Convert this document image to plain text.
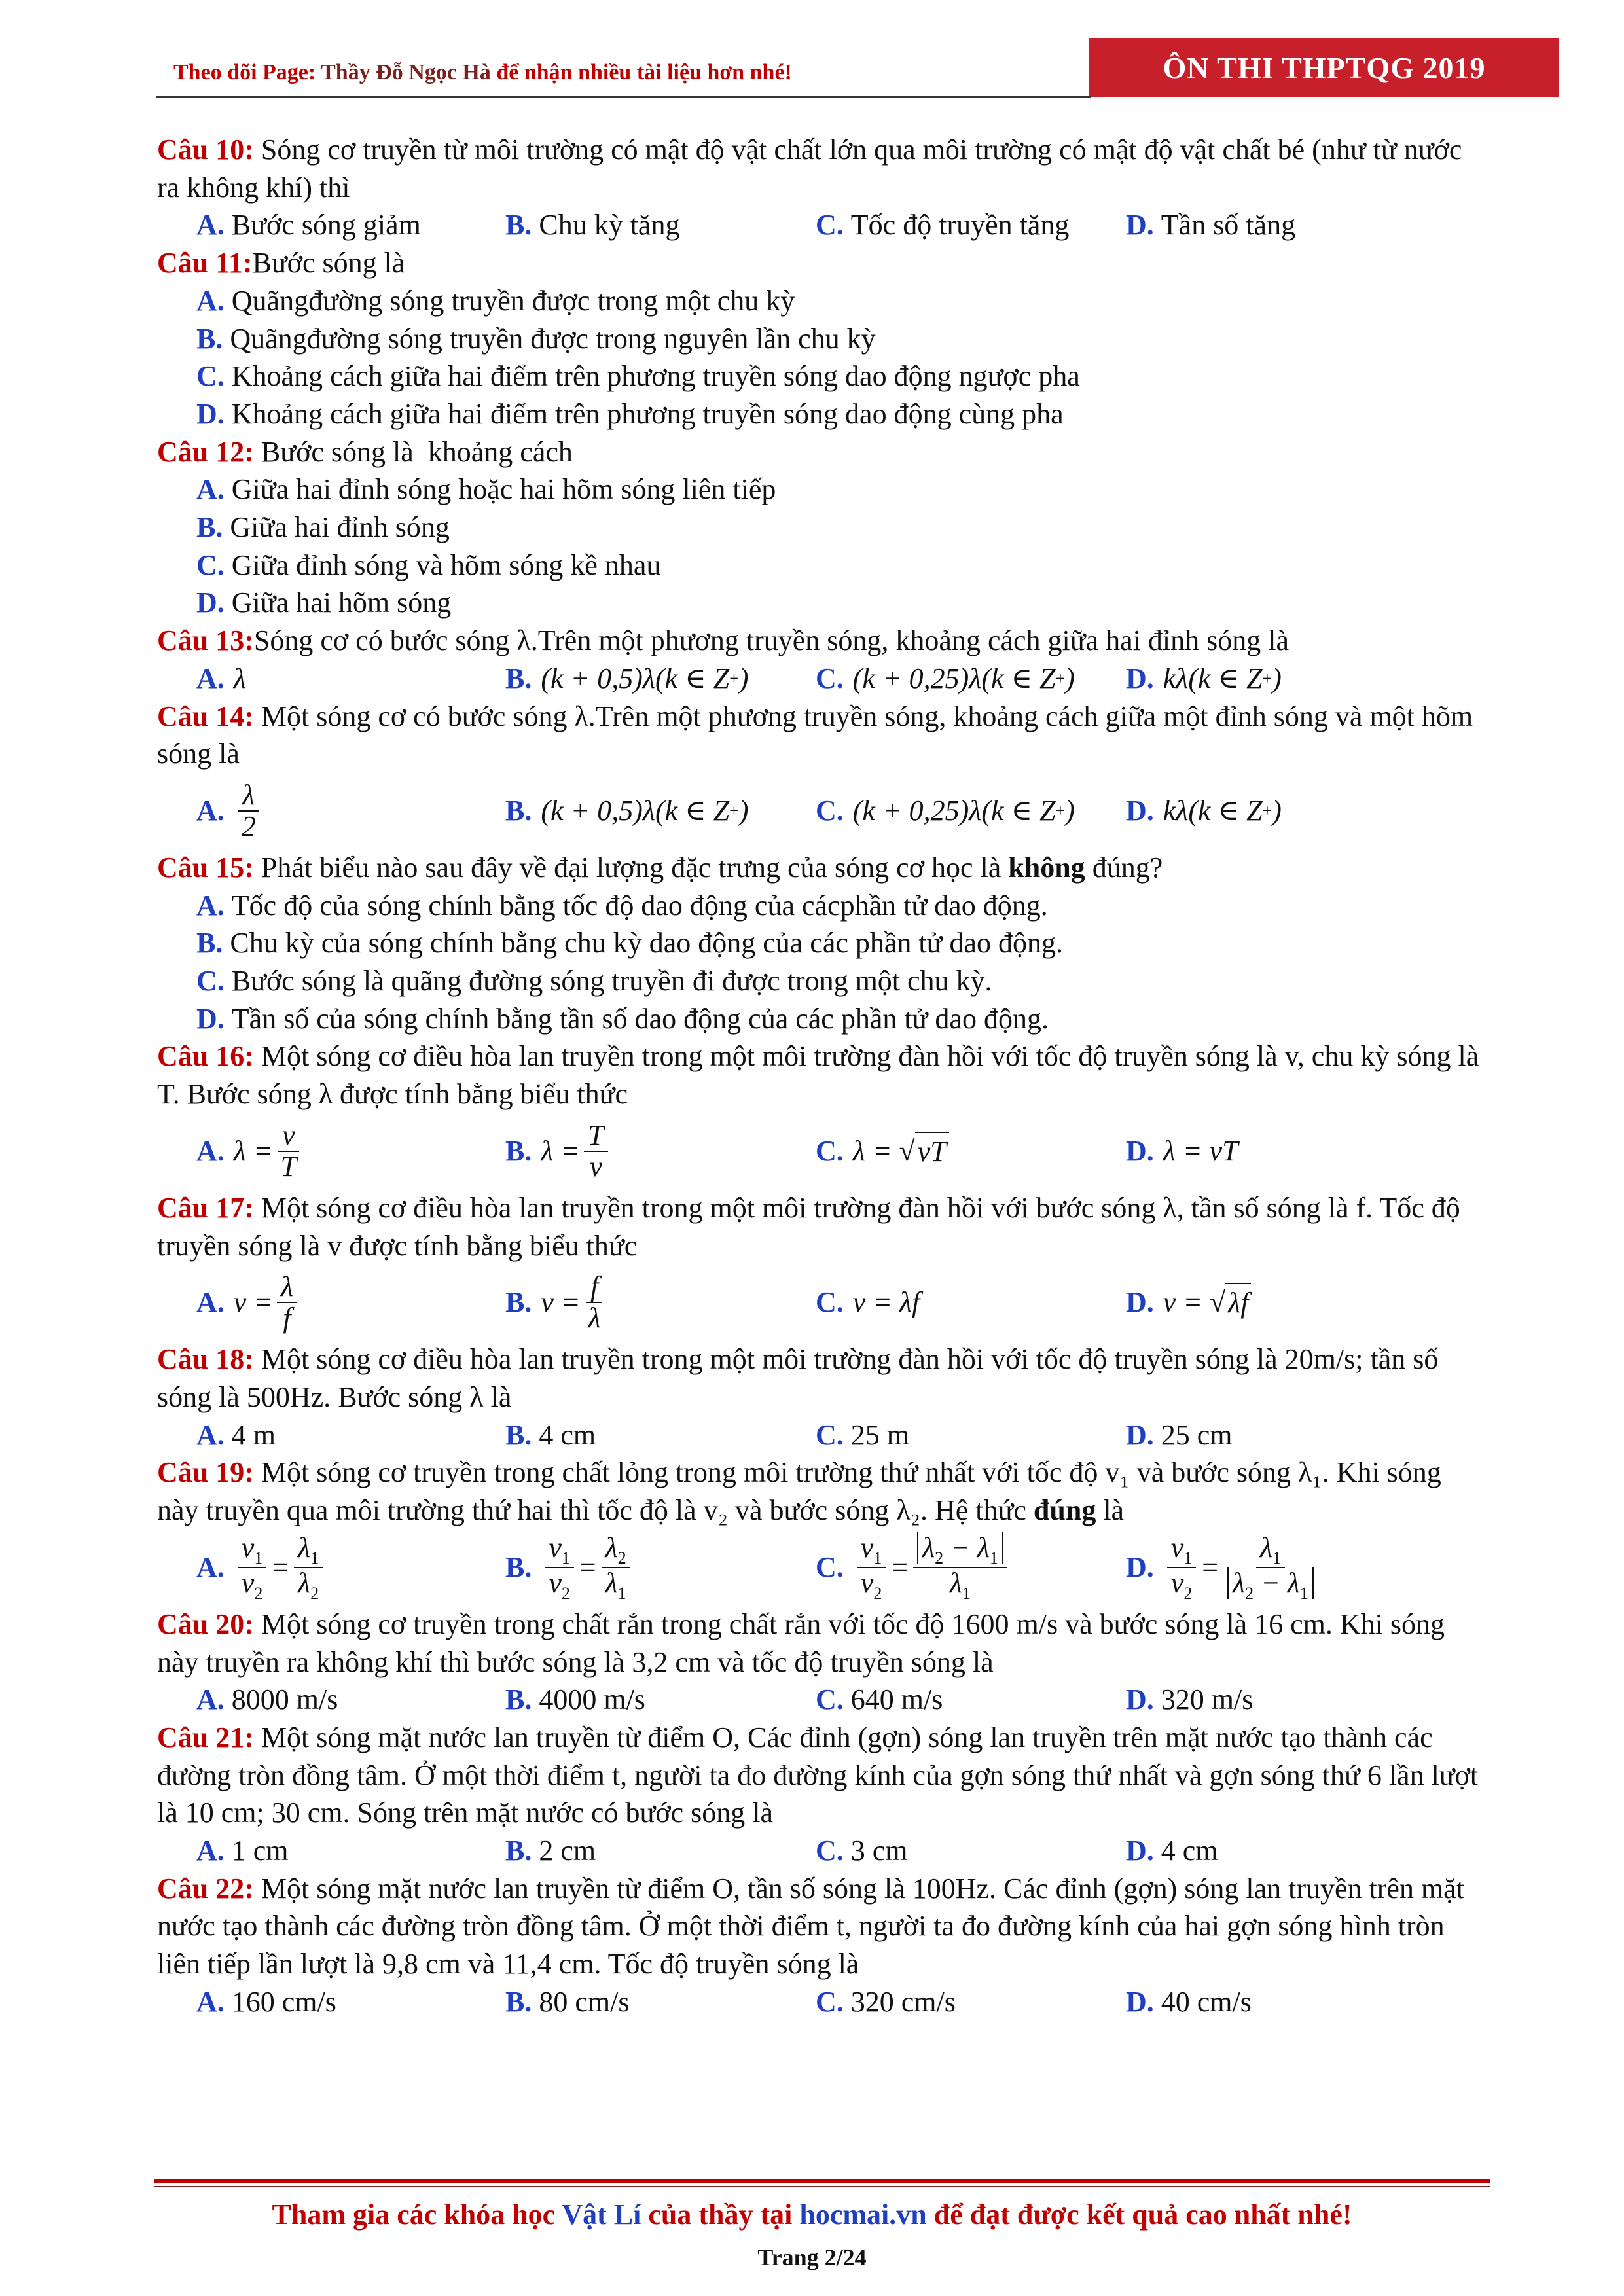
Theo dõi Page: Thầy Đỗ Ngọc Hà để nhận nhiều tài liệu hơn nhé!	ÔN THI THPTQG 2019
Câu 10: Sóng cơ truyền từ môi trường có mật độ vật chất lớn qua môi trường có mật độ vật chất bé (như từ nước ra không khí) thì
A.
Bước sóng giảm	B.
Chu kỳ tăng	C.
Tốc độ truyền tăng D.
Tần số tăng
Câu 11: Bước sóng là
A.
Quãngđường sóng truyền được trong một chu kỳ
B.
Quãngđường sóng truyền được trong nguyên lần chu kỳ
C.
Khoảng cách giữa hai điểm trên phương truyền sóng dao động ngược pha
D.
Khoảng cách giữa hai điểm trên phương truyền sóng dao động cùng pha
Câu 12: Bước sóng là  khoảng cách
A.
Giữa hai đỉnh sóng hoặc hai hõm sóng liên tiếp
B.
Giữa hai đỉnh sóng
C.
Giữa đỉnh sóng và hõm sóng kề nhau
D.
Giữa hai hõm sóng
Câu 13: Sóng cơ có bước sóng λ.Trên một phương truyền sóng, khoảng cách giữa hai đỉnh sóng là
A. λ	B. (k + 0,5)λ(k ∈ Z + ) C. (k + 0,25)λ(k ∈ Z + ) D. kλ(k ∈ Z + )
Câu 14: Một sóng cơ có bước sóng λ.Trên một phương truyền sóng, khoảng cách giữa một đỉnh sóng và một hõm sóng là
A. $\frac{\lambda}{2}$	B. (k + 0,5)λ(k ∈ Z + ) C. (k + 0,25)λ(k ∈ Z + ) D. kλ(k ∈ Z + )
Câu 15: Phát biểu nào sau đây về đại lượng đặc trưng của sóng cơ học là không đúng?
A.
Tốc độ của sóng chính bằng tốc độ dao động của cácphần tử dao động.
B.
Chu kỳ của sóng chính bằng chu kỳ dao động của các phần tử dao động.
C.
Bước sóng là quãng đường sóng truyền đi được trong một chu kỳ.
D.
Tần số của sóng chính bằng tần số dao động của các phần tử dao động.
Câu 16: Một sóng cơ điều hòa lan truyền trong một môi trường đàn hồi với tốc độ truyền sóng là v, chu kỳ sóng là T. Bước sóng λ được tính bằng biểu thức
A. $\lambda = \frac{v}{T}$	B. $\lambda = \frac{T}{v}$	C. λ = √ vT	D. λ = vT
Câu 17: Một sóng cơ điều hòa lan truyền trong một môi trường đàn hồi với bước sóng λ, tần số sóng là f. Tốc độ truyền sóng là v được tính bằng biểu thức
A. $v = \frac{\lambda}{f}$	B. $v = \frac{f}{\lambda}$	C. v = λf	D. v = √ λf
Câu 18: Một sóng cơ điều hòa lan truyền trong một môi trường đàn hồi với tốc độ truyền sóng là 20m/s; tần số sóng là 500Hz. Bước sóng λ là
A.
4 m	B.
4 cm	C.
25 m	D.
25 cm
Câu 19: Một sóng cơ truyền trong chất lỏng trong môi trường thứ nhất với tốc độ v₁ và bước sóng λ₁. Khi sóng này truyền qua môi trường thứ hai thì tốc độ là v₂ và bước sóng λ₂. Hệ thức đúng là
A. $\frac{v_1}{v_2} = \frac{\lambda_1}{\lambda_2}$	B. $\frac{v_1}{v_2} = \frac{\lambda_2}{\lambda_1}$	C. $\frac{v_1}{v_2} = \frac{\lambda_2 - \lambda_1}{\lambda_1}$	D. $\frac{v_1}{v_2} = \frac{\lambda_1}{\lambda_2 - \lambda_1}$
Câu 20: Một sóng cơ truyền trong chất rắn trong chất rắn với tốc độ 1600 m/s và bước sóng là 16 cm. Khi sóng này truyền ra không khí thì bước sóng là 3,2 cm và tốc độ truyền sóng là
A.
8000 m/s	B.
4000 m/s	C.
640 m/s	D.
320 m/s
Câu 21: Một sóng mặt nước lan truyền từ điểm O, Các đỉnh (gợn) sóng lan truyền trên mặt nước tạo thành các đường tròn đồng tâm. Ở một thời điểm t, người ta đo đường kính của gợn sóng thứ nhất và gợn sóng thứ 6 lần lượt là 10 cm; 30 cm. Sóng trên mặt nước có bước sóng là
A.
1 cm	B.
2 cm	C.
3 cm	D.
4 cm
Câu 22: Một sóng mặt nước lan truyền từ điểm O, tần số sóng là 100Hz. Các đỉnh (gợn) sóng lan truyền trên mặt nước tạo thành các đường tròn đồng tâm. Ở một thời điểm t, người ta đo đường kính của hai gợn sóng hình tròn liên tiếp lần lượt là 9,8 cm và 11,4 cm. Tốc độ truyền sóng là
A.
160 cm/s	B.
80 cm/s	C.
320 cm/s	D.
40 cm/s
Tham gia các khóa học Vật Lí của thầy tại hocmai.vn để đạt được kết quả cao nhất nhé!
Trang 2/24
